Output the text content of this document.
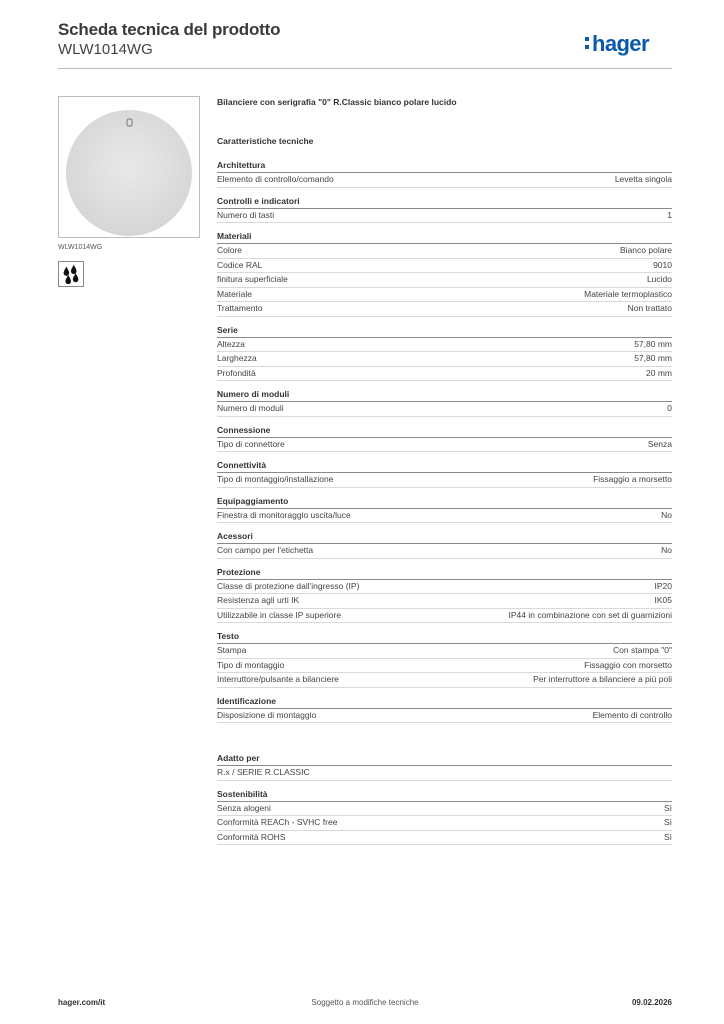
Scheda tecnica del prodotto
WLW1014WG	hager
WLW1014WG
Bilanciere con serigrafia "0" R.Classic bianco polare lucido
Caratteristiche tecniche
Architettura
Elemento di controllo/comando	Levetta singola
Controlli e indicatori
Numero di tasti	1
Materiali
Colore	Bianco polare
Codice RAL	9010
finitura superficiale	Lucido
Materiale	Materiale termoplastico
Trattamento	Non trattato
Serie
Altezza	57,80 mm
Larghezza	57,80 mm
Profondità	20 mm
Numero di moduli
Numero di moduli	0
Connessione
Tipo di connettore	Senza
Connettività
Tipo di montaggio/installazione	Fissaggio a morsetto
Equipaggiamento
Finestra di monitoraggio uscita/luce	No
Acessori
Con campo per l'etichetta	No
Protezione
Classe di protezione dall'ingresso (IP)	IP20
Resistenza agli urti IK	IK05
Utilizzabile in classe IP superiore	IP44 in combinazione con set di guarnizioni
Testo
Stampa	Con stampa "0"
Tipo di montaggio	Fissaggio con morsetto
Interruttore/pulsante a bilanciere	Per interruttore a bilanciere a più poli
Identificazione
Disposizione di montaggio	Elemento di controllo
Adatto per
R.x / SERIE R.CLASSIC
Sostenibilità
Senza alogeni	Sì
Conformità REACh - SVHC free	Sì
Conformità ROHS	Sì
hager.com/it	Soggetto a modifiche tecniche	09.02.2026
